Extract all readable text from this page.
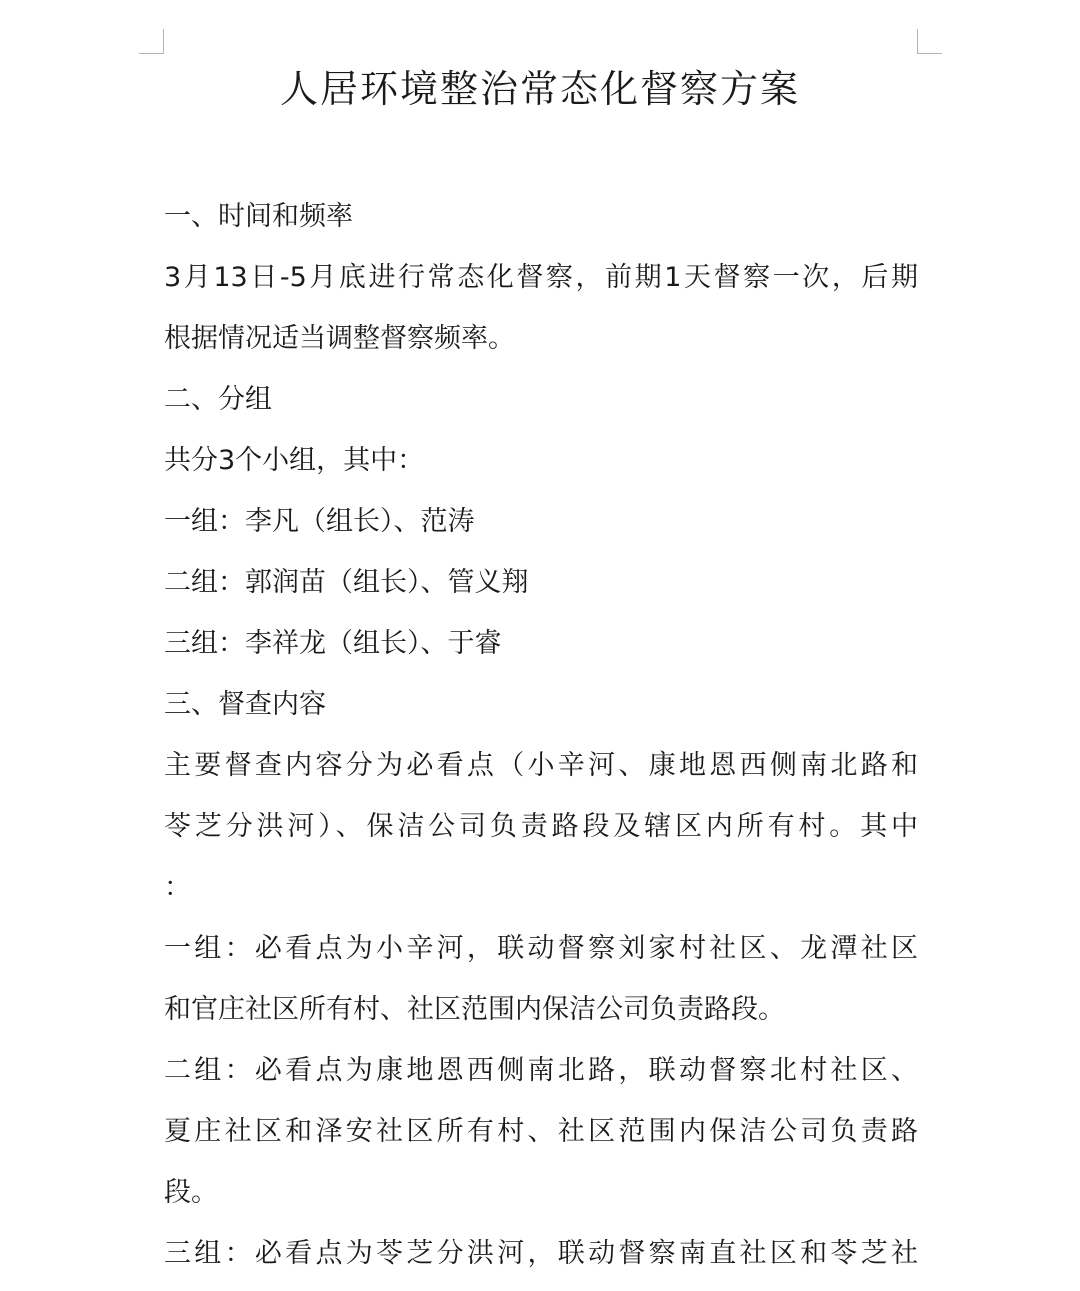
人居环境整治常态化督察方案
一、时间和频率
3月13日-5月底进行常态化督察，前期1天督察一次，后期
根据情况适当调整督察频率。
二、分组
共分3个小组，其中：
一组：李凡（组长）、范涛
二组：郭润苗（组长）、管义翔
三组：李祥龙（组长）、于睿
三、督查内容
主要督查内容分为必看点（小辛河、康地恩西侧南北路和
苓芝分洪河）、保洁公司负责路段及辖区内所有村。其中
：
一组：必看点为小辛河，联动督察刘家村社区、龙潭社区
和官庄社区所有村、社区范围内保洁公司负责路段。
二组：必看点为康地恩西侧南北路，联动督察北村社区、
夏庄社区和泽安社区所有村、社区范围内保洁公司负责路
段。
三组：必看点为苓芝分洪河，联动督察南直社区和苓芝社
